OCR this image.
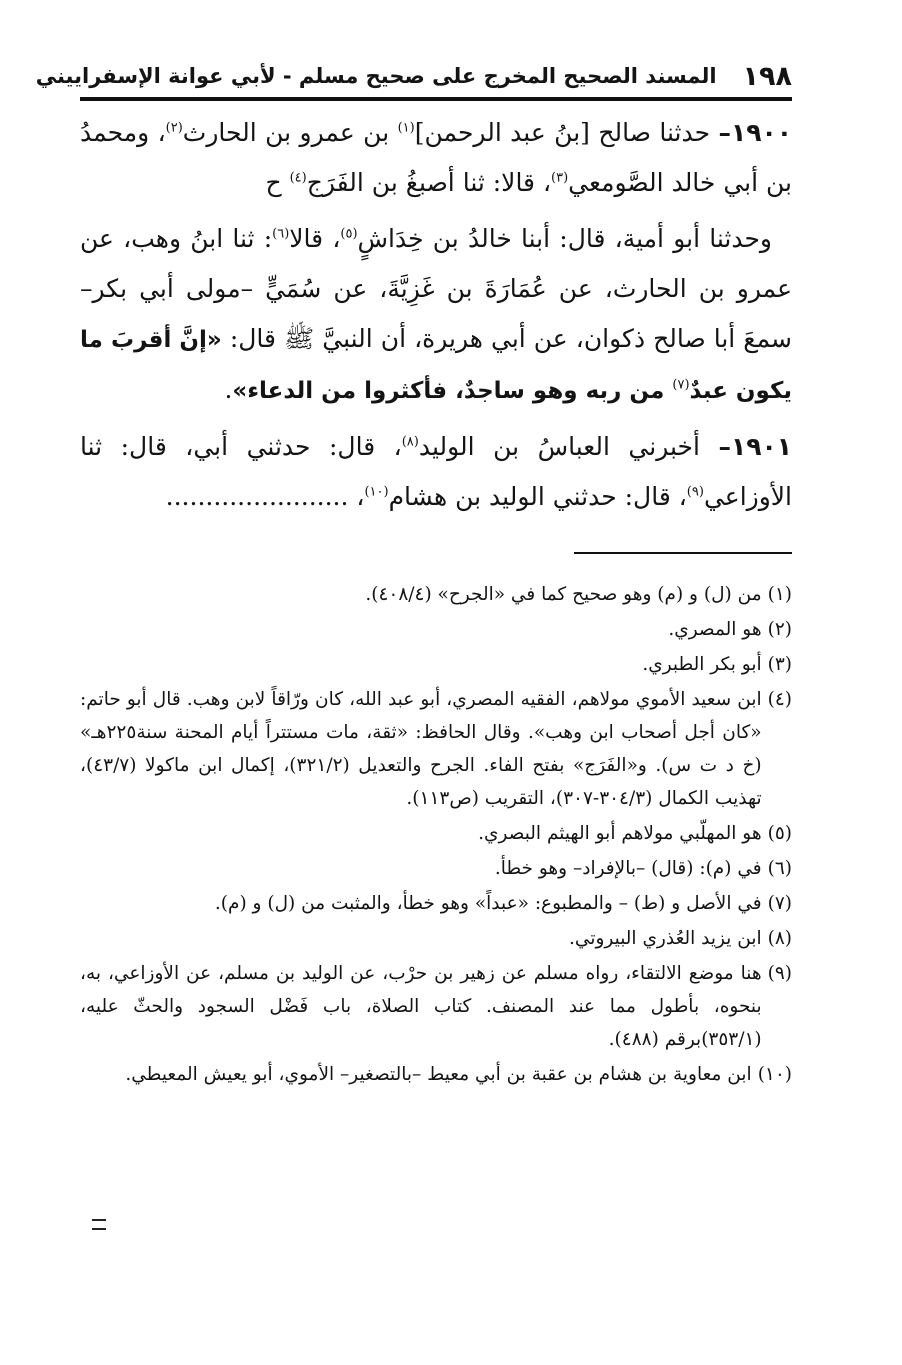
١٩٨
المسند الصحيح المخرج على صحيح مسلم - لأبي عوانة الإسفراييني

١٩٠٠– حدثنا صالح [بنُ عبد الرحمن]$^{(١)}$ بن عمرو بن الحارث$^{(٢)}$، ومحمدُ بن أبي خالد الصَّومعي$^{(٣)}$، قالا: ثنا أصبغُ بن الفَرَج$^{(٤)}$ ح

وحدثنا أبو أمية، قال: أبنا خالدُ بن خِدَاشٍ$^{(٥)}$، قالا$^{(٦)}$: ثنا ابنُ وهب، عن عمرو بن الحارث، عن عُمَارَةَ بن غَزِيَّةَ، عن سُمَيٍّ –مولى أبي بكر– سمعَ أبا صالح ذكوان، عن أبي هريرة، أن النبيَّ ﷺ قال: «إنَّ أقربَ ما يكون عبدٌ$^{(٧)}$ من ربه وهو ساجدٌ، فأكثروا من الدعاء».

١٩٠١– أخبرني العباسُ بن الوليد$^{(٨)}$، قال: حدثني أبي، قال: ثنا الأوزاعي$^{(٩)}$، قال: حدثني الوليد بن هشام$^{(١٠)}$، .......................

(١)
من (ل) و (م) وهو صحيح كما في «الجرح» (٤٠٨/٤).
(٢)
هو المصري.
(٣)
أبو بكر الطبري.
(٤)
ابن سعيد الأموي مولاهم، الفقيه المصري، أبو عبد الله، كان ورّاقاً لابن وهب. قال أبو حاتم: «كان أجل أصحاب ابن وهب». وقال الحافظ: «ثقة، مات مستتراً أيام المحنة سنة٢٢٥هـ» (خ د ت س). و«الفَرَج» بفتح الفاء. الجرح والتعديل (٣٢١/٢)، إكمال ابن ماكولا (٤٣/٧)، تهذيب الكمال (٣٠٤/٣-٣٠٧)، التقريب (ص١١٣).
(٥)
هو المهلّبي مولاهم أبو الهيثم البصري.
(٦)
في (م): (قال) –بالإفراد– وهو خطأ.
(٧)
في الأصل و (ط) – والمطبوع: «عبداً» وهو خطأ، والمثبت من (ل) و (م).
(٨)
ابن يزيد العُذري البيروتي.
(٩)
هنا موضع الالتقاء، رواه مسلم عن زهير بن حرْب، عن الوليد بن مسلم، عن الأوزاعي، به، بنحوه، بأطول مما عند المصنف. كتاب الصلاة، باب فَضْل السجود والحثّ عليه، (٣٥٣/١)برقم (٤٨٨).
(١٠)
ابن معاوية بن هشام بن عقبة بن أبي معيط –بالتصغير– الأموي، أبو يعيش المعيطي.
